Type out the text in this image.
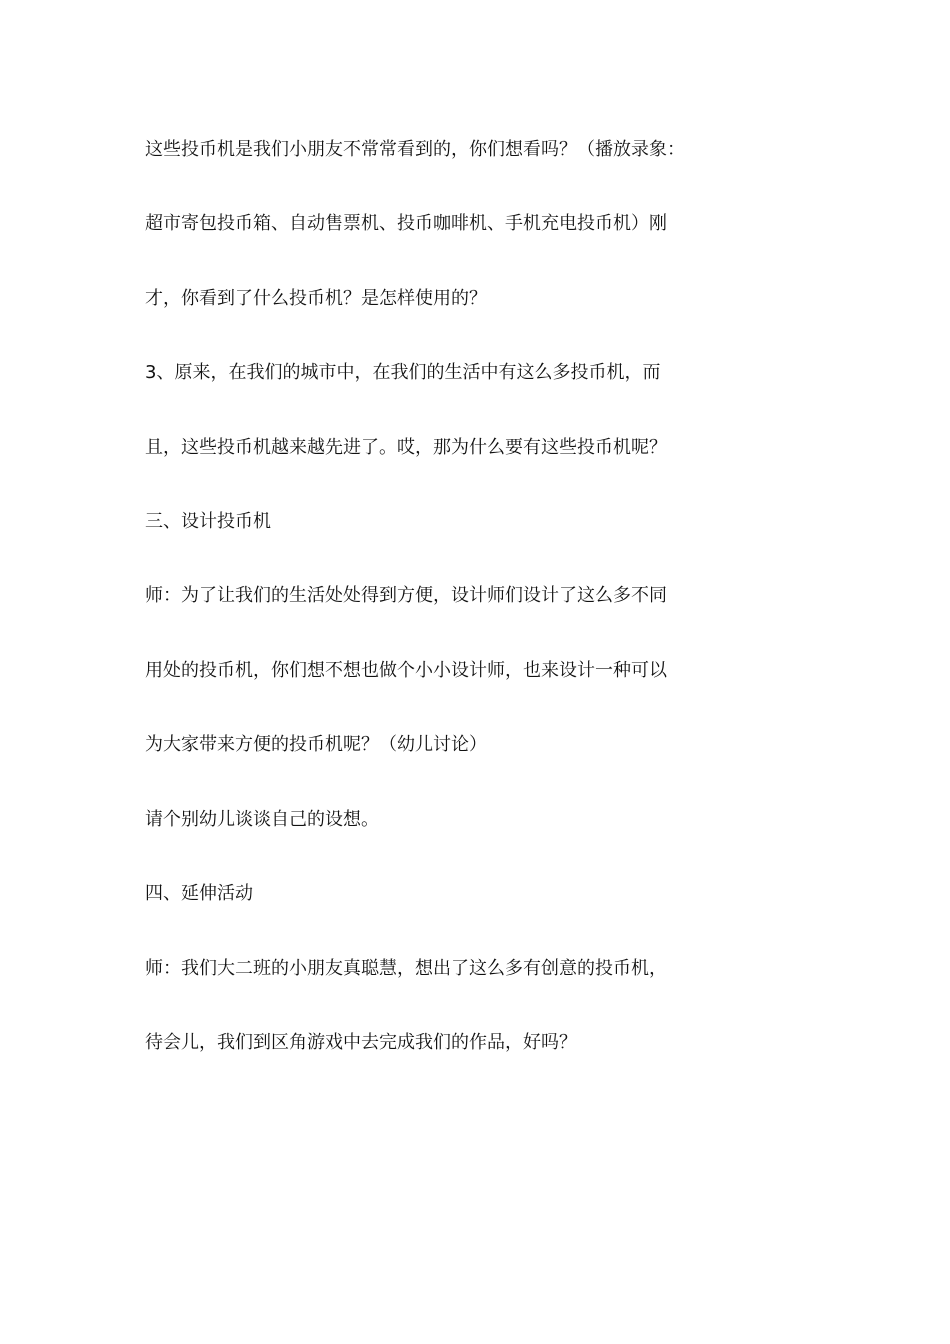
这些投币机是我们小朋友不常常看到的，你们想看吗？（播放录象：
超市寄包投币箱、自动售票机、投币咖啡机、手机充电投币机）刚
才，你看到了什么投币机？是怎样使用的？
3、原来，在我们的城市中，在我们的生活中有这么多投币机，而
且，这些投币机越来越先进了。哎，那为什么要有这些投币机呢？
三、设计投币机
师：为了让我们的生活处处得到方便，设计师们设计了这么多不同
用处的投币机，你们想不想也做个小小设计师，也来设计一种可以
为大家带来方便的投币机呢？（幼儿讨论）
请个别幼儿谈谈自己的设想。
四、延伸活动
师：我们大二班的小朋友真聪慧，想出了这么多有创意的投币机，
待会儿，我们到区角游戏中去完成我们的作品，好吗？
